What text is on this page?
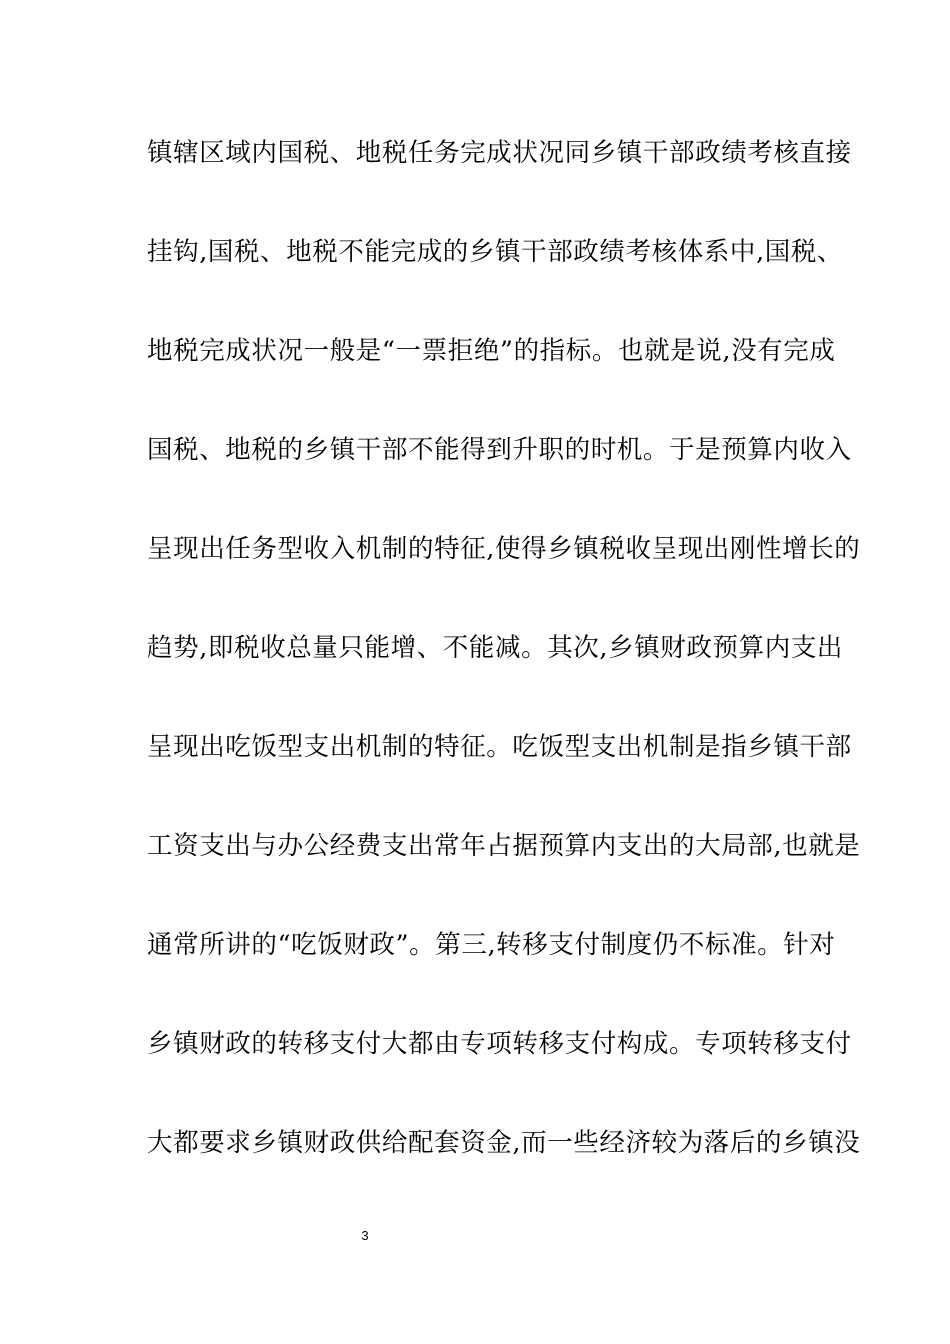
镇辖区域内国税、地税任务完成状况同乡镇干部政绩考核直接
挂钩,国税、地税不能完成的乡镇干部政绩考核体系中,国税、
地税完成状况一般是“一票拒绝”的指标。也就是说,没有完成
国税、地税的乡镇干部不能得到升职的时机。于是预算内收入
呈现出任务型收入机制的特征,使得乡镇税收呈现出刚性增长的
趋势,即税收总量只能增、不能减。其次,乡镇财政预算内支出
呈现出吃饭型支出机制的特征。吃饭型支出机制是指乡镇干部
工资支出与办公经费支出常年占据预算内支出的大局部,也就是
通常所讲的“吃饭财政”。第三,转移支付制度仍不标准。针对
乡镇财政的转移支付大都由专项转移支付构成。专项转移支付
大都要求乡镇财政供给配套资金,而一些经济较为落后的乡镇没
3
